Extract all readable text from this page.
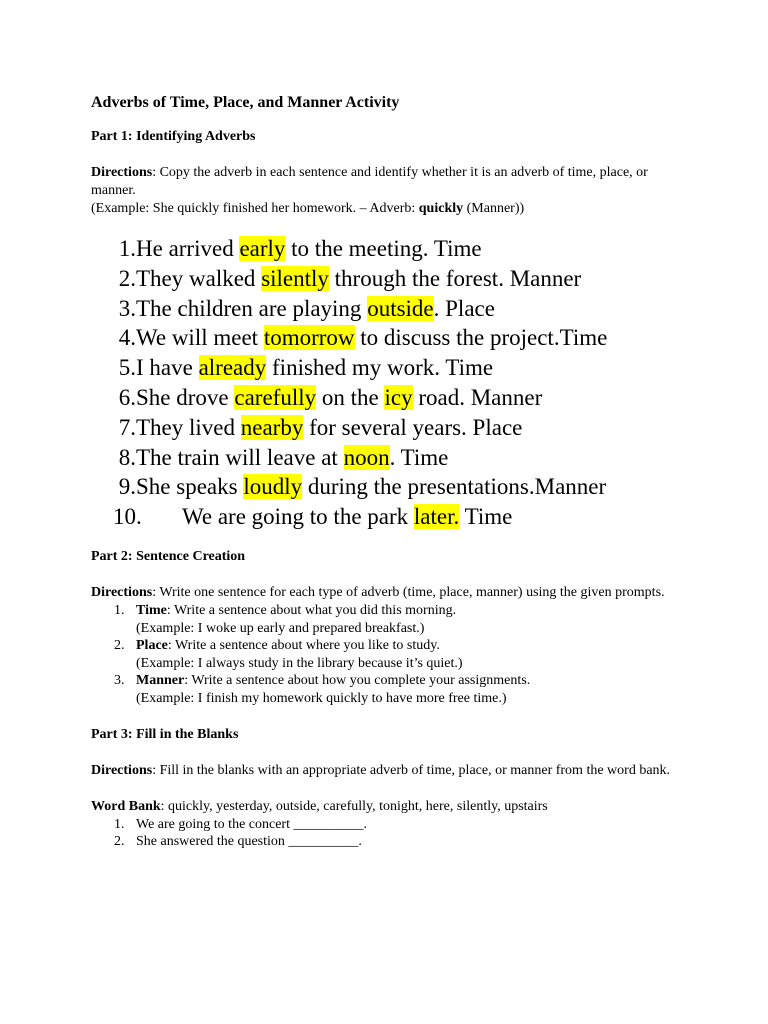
Adverbs of Time, Place, and Manner Activity
Part 1: Identifying Adverbs

Directions: Copy the adverb in each sentence and identify whether it is an adverb of time, place, or manner.

(Example: She quickly finished her homework. – Adverb: quickly (Manner))

1. He arrived early to the meeting. Time
2. They walked silently through the forest. Manner
3. The children are playing outside. Place
4. We will meet tomorrow to discuss the project.Time
5. I have already finished my work. Time
6. She drove carefully on the icy road. Manner
7. They lived nearby for several years. Place
8. The train will leave at noon. Time
9. She speaks loudly during the presentations.Manner
10.	We are going to the park later. Time
Part 2: Sentence Creation

Directions: Write one sentence for each type of adverb (time, place, manner) using the given prompts.

1. Time: Write a sentence about what you did this morning.
(Example: I woke up early and prepared breakfast.)
2. Place: Write a sentence about where you like to study.
(Example: I always study in the library because it’s quiet.)
3. Manner: Write a sentence about how you complete your assignments.
(Example: I finish my homework quickly to have more free time.)
Part 3: Fill in the Blanks

Directions: Fill in the blanks with an appropriate adverb of time, place, or manner from the word bank.

Word Bank: quickly, yesterday, outside, carefully, tonight, here, silently, upstairs

1. We are going to the concert __________.
2. She answered the question __________.
